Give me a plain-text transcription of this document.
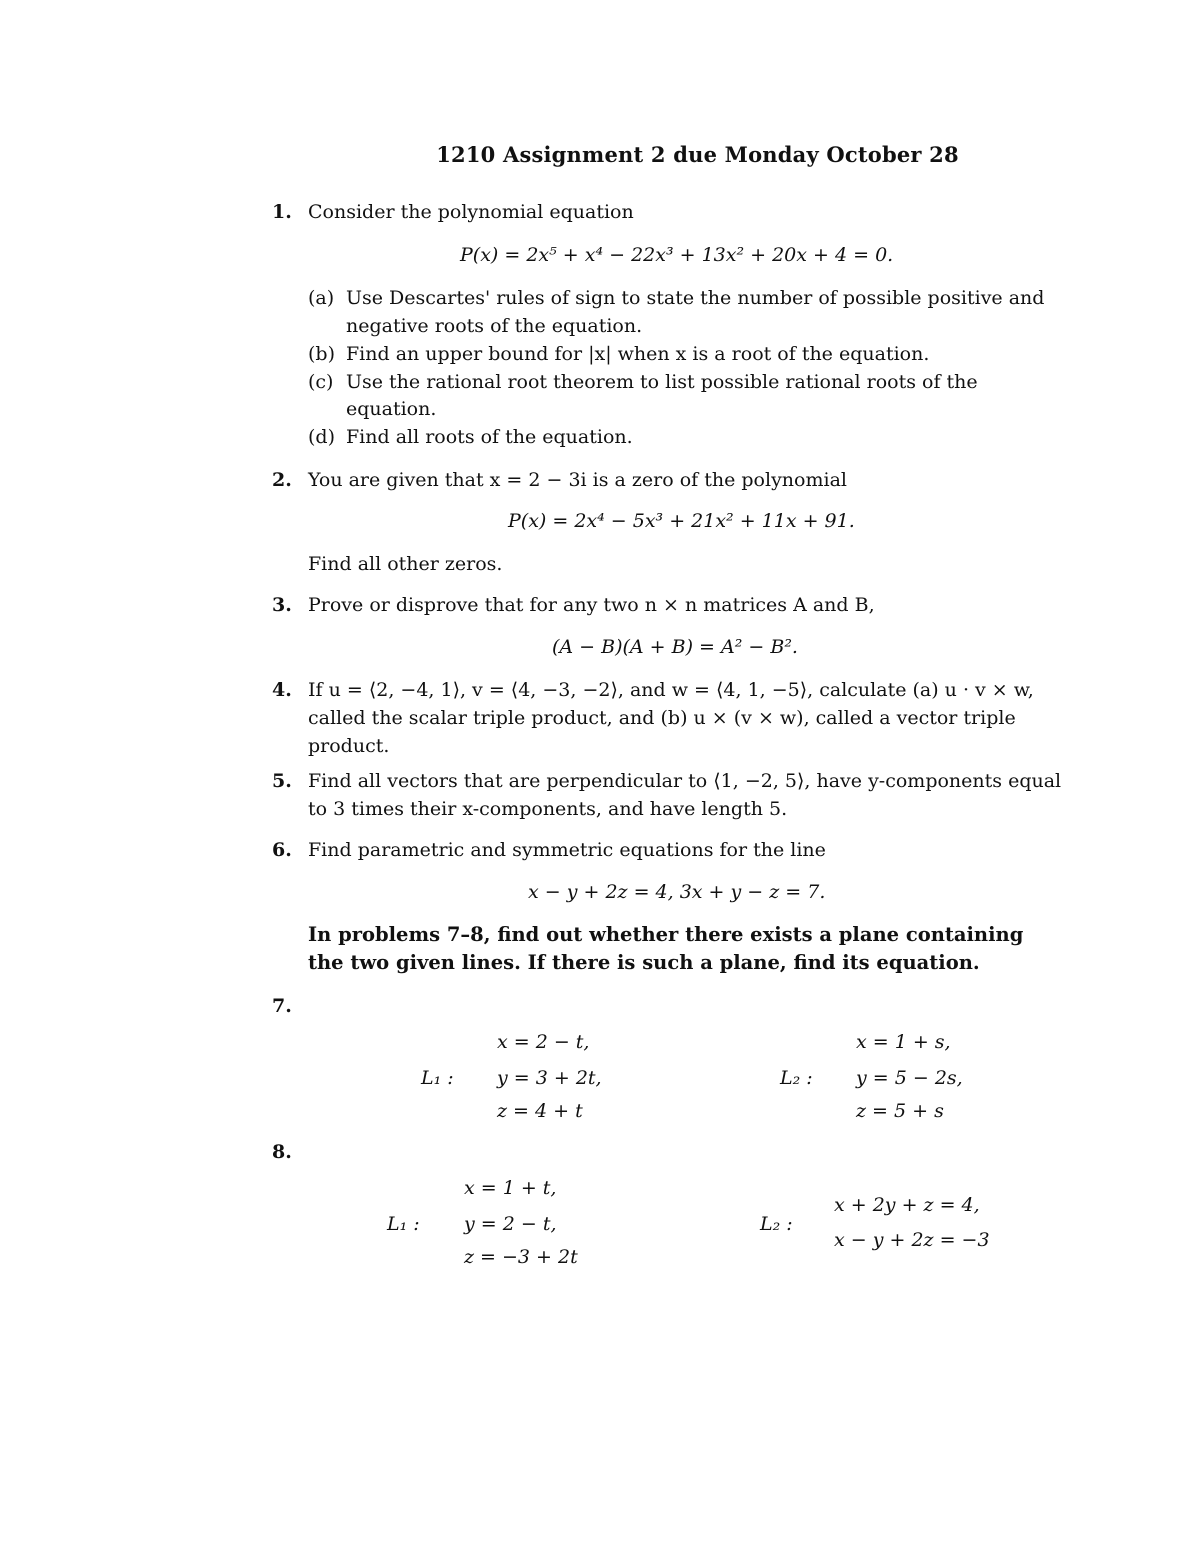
1210 Assignment 2 due Monday October 28
1. Consider the polynomial equation
P(x) = 2x⁵ + x⁴ − 22x³ + 13x² + 20x + 4 = 0.
(a) Use Descartes' rules of sign to state the number of possible positive and
negative roots of the equation.
(b) Find an upper bound for |x| when x is a root of the equation.
(c) Use the rational root theorem to list possible rational roots of the
equation.
(d) Find all roots of the equation.
2. You are given that x = 2 − 3i is a zero of the polynomial
P(x) = 2x⁴ − 5x³ + 21x² + 11x + 91.
Find all other zeros.
3. Prove or disprove that for any two n × n matrices A and B,
(A − B)(A + B) = A² − B².
4. If u = ⟨2, −4, 1⟩, v = ⟨4, −3, −2⟩, and w = ⟨4, 1, −5⟩, calculate (a) u · v × w,
called the scalar triple product, and (b) u × (v × w), called a vector triple
product.
5. Find all vectors that are perpendicular to ⟨1, −2, 5⟩, have y-components equal
to 3 times their x-components, and have length 5.
6. Find parametric and symmetric equations for the line
x − y + 2z = 4, 3x + y − z = 7.
In problems 7–8, find out whether there exists a plane containing
the two given lines. If there is such a plane, find its equation.
7.
L₁ :
x = 2 − t,
y = 3 + 2t,
z = 4 + t
L₂ :
x = 1 + s,
y = 5 − 2s,
z = 5 + s
8.
L₁ :
x = 1 + t,
y = 2 − t,
z = −3 + 2t
L₂ :
x + 2y + z = 4,
x − y + 2z = −3
